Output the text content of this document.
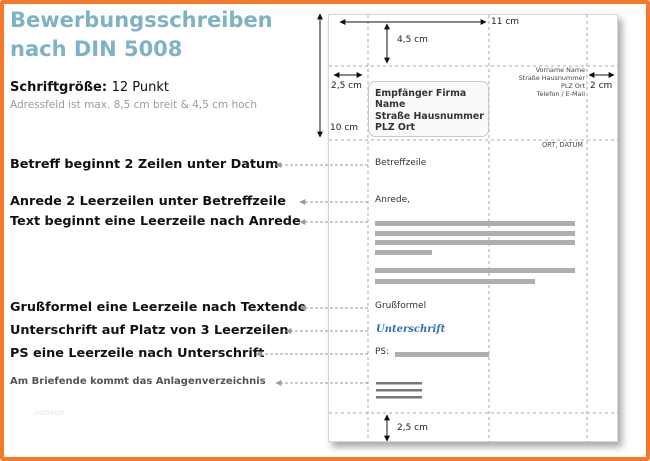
Bewerbungsschreiben
nach DIN 5008
Schriftgröße: 12 Punkt
Adressfeld ist max. 8,5 cm breit & 4,5 cm hoch
Betreff beginnt 2 Zeilen unter Datum
Anrede 2 Leerzeilen unter Betreffzeile
Text beginnt eine Leerzeile nach Anrede
Grußformel eine Leerzeile nach Textende
Unterschrift auf Platz von 3 Leerzeilen
PS eine Leerzeile nach Unterschrift
Am Briefende kommt das Anlagenverzeichnis
vorlage
Empfänger Firma
Name
Straße Hausnummer
PLZ Ort
Vorname Name
Straße Hausnummer
PLZ Ort
Telefon / E-Mail
ORT, DATUM
Betreffzeile
Anrede,
Grußformel
Unterschrift
PS:
11 cm
4,5 cm
2,5 cm	2 cm
10 cm
2,5 cm
